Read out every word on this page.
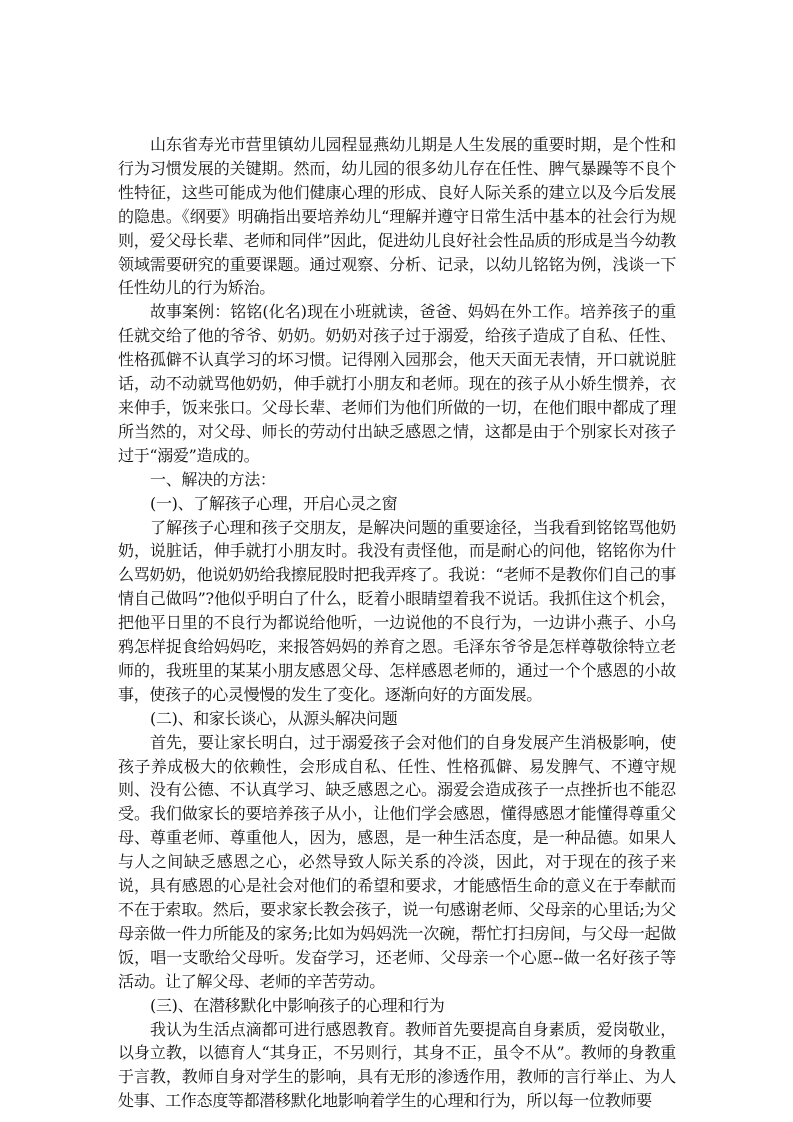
山东省寿光市营里镇幼儿园程显燕幼儿期是人生发展的重要时期，是个性和行为习惯发展的关键期。然而，幼儿园的很多幼儿存在任性、脾气暴躁等不良个性特征，这些可能成为他们健康心理的形成、良好人际关系的建立以及今后发展的隐患。《纲要》明确指出要培养幼儿“理解并遵守日常生活中基本的社会行为规则，爱父母长辈、老师和同伴”因此，促进幼儿良好社会性品质的形成是当今幼教领域需要研究的重要课题。通过观察、分析、记录，以幼儿铭铭为例，浅谈一下任性幼儿的行为矫治。

故事案例：铭铭(化名)现在小班就读，爸爸、妈妈在外工作。培养孩子的重任就交给了他的爷爷、奶奶。奶奶对孩子过于溺爱，给孩子造成了自私、任性、性格孤僻不认真学习的坏习惯。记得刚入园那会，他天天面无表情，开口就说脏话，动不动就骂他奶奶，伸手就打小朋友和老师。现在的孩子从小娇生惯养，衣来伸手，饭来张口。父母长辈、老师们为他们所做的一切，在他们眼中都成了理所当然的，对父母、师长的劳动付出缺乏感恩之情，这都是由于个别家长对孩子过于“溺爱”造成的。

一、解决的方法：

(一)、了解孩子心理，开启心灵之窗

了解孩子心理和孩子交朋友，是解决问题的重要途径，当我看到铭铭骂他奶奶，说脏话，伸手就打小朋友时。我没有责怪他，而是耐心的问他，铭铭你为什么骂奶奶，他说奶奶给我擦屁股时把我弄疼了。我说：“老师不是教你们自己的事情自己做吗”?他似乎明白了什么，眨着小眼睛望着我不说话。我抓住这个机会，把他平日里的不良行为都说给他听，一边说他的不良行为，一边讲小燕子、小乌鸦怎样捉食给妈妈吃，来报答妈妈的养育之恩。毛泽东爷爷是怎样尊敬徐特立老师的，我班里的某某小朋友感恩父母、怎样感恩老师的，通过一个个感恩的小故事，使孩子的心灵慢慢的发生了变化。逐渐向好的方面发展。

(二)、和家长谈心，从源头解决问题

首先，要让家长明白，过于溺爱孩子会对他们的自身发展产生消极影响，使孩子养成极大的依赖性，会形成自私、任性、性格孤僻、易发脾气、不遵守规则、没有公德、不认真学习、缺乏感恩之心。溺爱会造成孩子一点挫折也不能忍受。我们做家长的要培养孩子从小，让他们学会感恩，懂得感恩才能懂得尊重父母、尊重老师、尊重他人，因为，感恩，是一种生活态度，是一种品德。如果人与人之间缺乏感恩之心，必然导致人际关系的冷淡，因此，对于现在的孩子来说，具有感恩的心是社会对他们的希望和要求，才能感悟生命的意义在于奉献而不在于索取。然后，要求家长教会孩子，说一句感谢老师、父母亲的心里话;为父母亲做一件力所能及的家务;比如为妈妈洗一次碗，帮忙打扫房间，与父母一起做饭，唱一支歌给父母听。发奋学习，还老师、父母亲一个心愿--做一名好孩子等活动。让了解父母、老师的辛苦劳动。

(三)、在潜移默化中影响孩子的心理和行为

我认为生活点滴都可进行感恩教育。教师首先要提高自身素质，爱岗敬业，以身立教，以德育人“其身正，不另则行，其身不正，虽令不从”。教师的身教重于言教，教师自身对学生的影响，具有无形的渗透作用，教师的言行举止、为人处事、工作态度等都潜移默化地影响着学生的心理和行为，所以每一位教师要
